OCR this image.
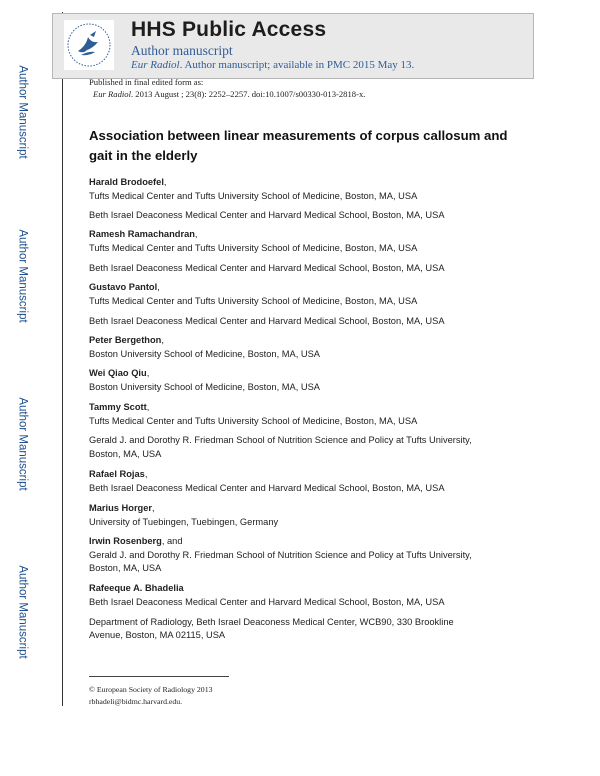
Author Manuscript
Author Manuscript
Author Manuscript
Author Manuscript
HHS Public Access
Author manuscript
Eur Radiol. Author manuscript; available in PMC 2015 May 13.
Published in final edited form as:
Eur Radiol. 2013 August ; 23(8): 2252–2257. doi:10.1007/s00330-013-2818-x.
Association between linear measurements of corpus callosum and gait in the elderly
Harald Brodoefel,
Tufts Medical Center and Tufts University School of Medicine, Boston, MA, USA
Beth Israel Deaconess Medical Center and Harvard Medical School, Boston, MA, USA
Ramesh Ramachandran,
Tufts Medical Center and Tufts University School of Medicine, Boston, MA, USA
Beth Israel Deaconess Medical Center and Harvard Medical School, Boston, MA, USA
Gustavo Pantol,
Tufts Medical Center and Tufts University School of Medicine, Boston, MA, USA
Beth Israel Deaconess Medical Center and Harvard Medical School, Boston, MA, USA
Peter Bergethon,
Boston University School of Medicine, Boston, MA, USA
Wei Qiao Qiu,
Boston University School of Medicine, Boston, MA, USA
Tammy Scott,
Tufts Medical Center and Tufts University School of Medicine, Boston, MA, USA
Gerald J. and Dorothy R. Friedman School of Nutrition Science and Policy at Tufts University,
Boston, MA, USA
Rafael Rojas,
Beth Israel Deaconess Medical Center and Harvard Medical School, Boston, MA, USA
Marius Horger,
University of Tuebingen, Tuebingen, Germany
Irwin Rosenberg, and
Gerald J. and Dorothy R. Friedman School of Nutrition Science and Policy at Tufts University,
Boston, MA, USA
Rafeeque A. Bhadelia
Beth Israel Deaconess Medical Center and Harvard Medical School, Boston, MA, USA
Department of Radiology, Beth Israel Deaconess Medical Center, WCB90, 330 Brookline
Avenue, Boston, MA 02115, USA
© European Society of Radiology 2013
rbhadeli@bidmc.harvard.edu.
